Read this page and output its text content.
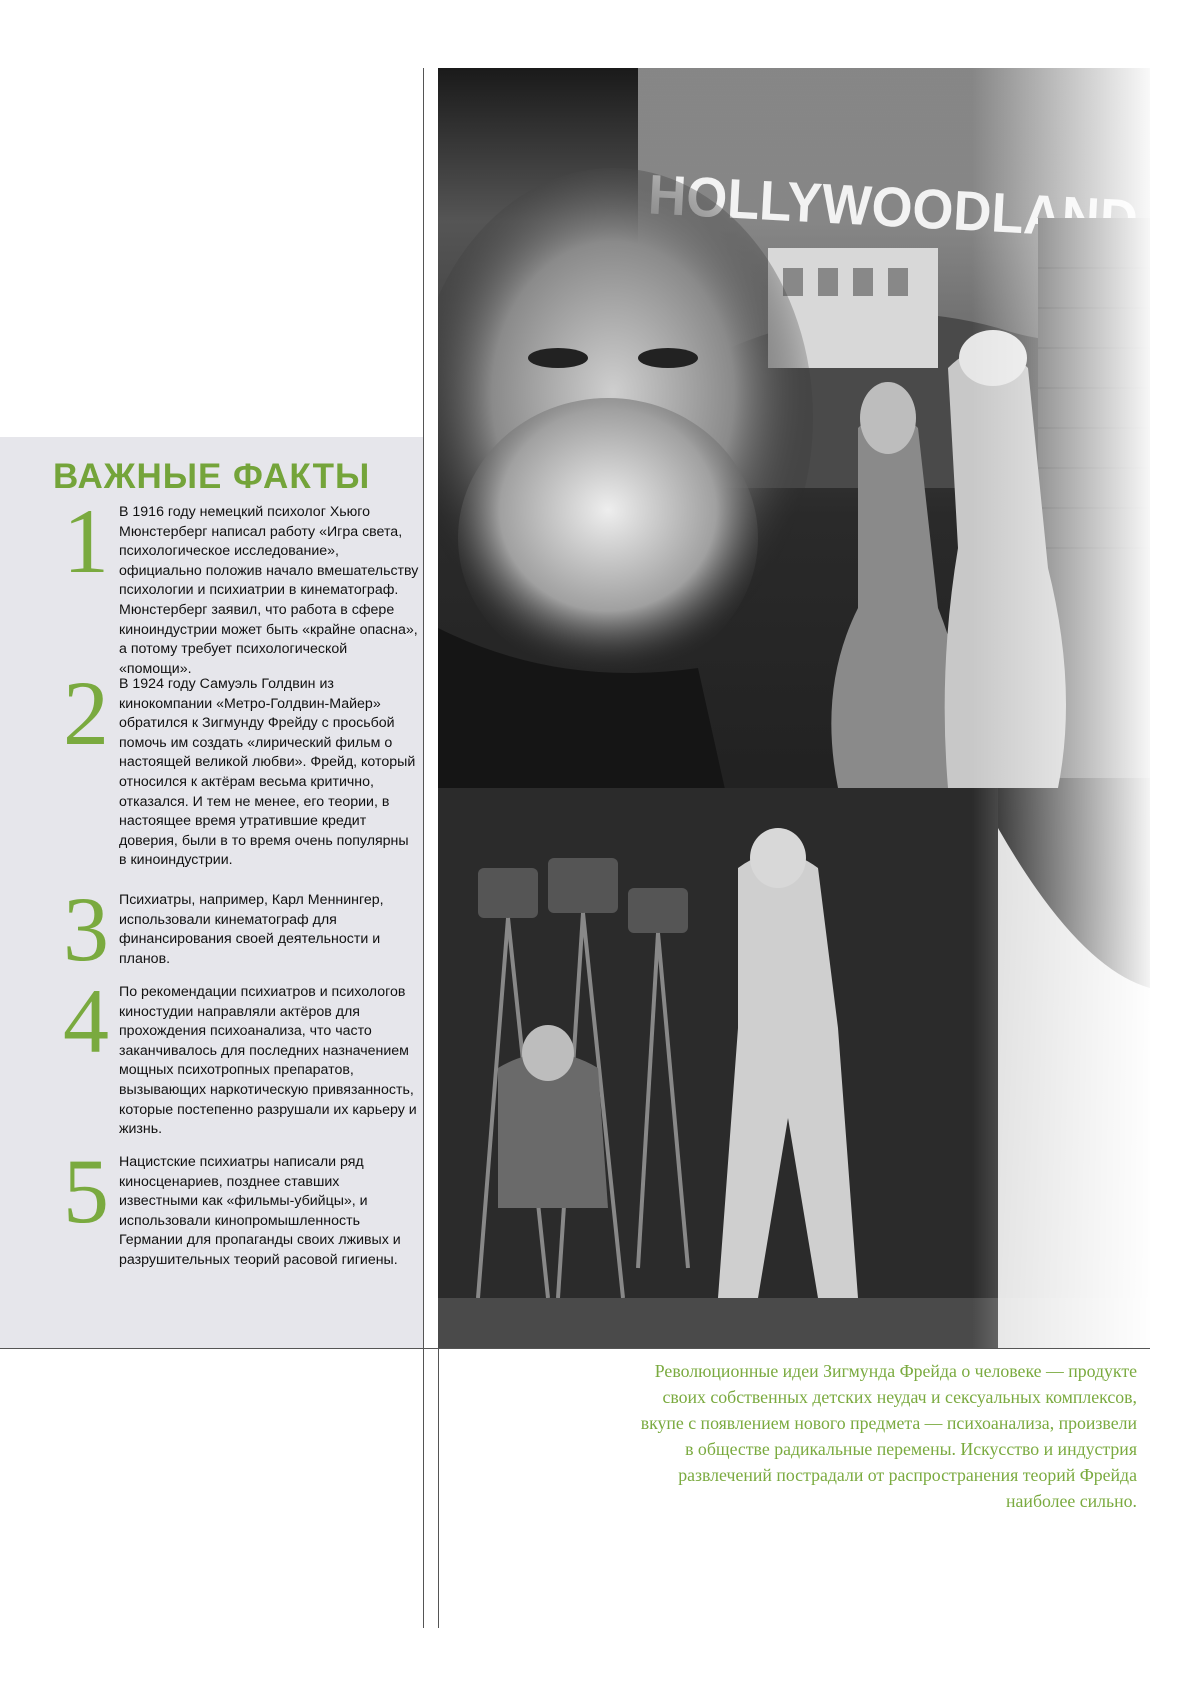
ВАЖНЫЕ ФАКТЫ
1 В 1916 году немецкий психолог Хьюго Мюнстерберг написал работу «Игра света, психологическое исследование», официально положив начало вмешательству психологии и психиатрии в кинематограф. Мюнстерберг заявил, что работа в сфере киноиндустрии может быть «крайне опасна», а потому требует психологической «помощи».

2 В 1924 году Самуэль Голдвин из кинокомпании «Метро-Голдвин-Майер» обратился к Зигмунду Фрейду с просьбой помочь им создать «лирический фильм о настоящей великой любви». Фрейд, который относился к актёрам весьма критично, отказался. И тем не менее, его теории, в настоящее время утратившие кредит доверия, были в то время очень популярны в киноиндустрии.

3 Психиатры, например, Карл Меннингер, использовали кинематограф для финансирования своей деятельности и планов.

4 По рекомендации психиатров и психологов киностудии направляли актёров для прохождения психоанализа, что часто заканчивалось для последних назначением мощных психотропных препаратов, вызывающих наркотическую привязанность, которые постепенно разрушали их карьеру и жизнь.

5 Нацистские психиатры написали ряд киносценариев, позднее ставших известными как «фильмы-убийцы», и использовали кинопромышленность Германии для пропаганды своих лживых и разрушительных теорий расовой гигиены.

Революционные идеи Зигмунда Фрейда о человеке — продукте своих собственных детских неудач и сексуальных комплексов, вкупе с появлением нового предмета — психоанализа, произвели в обществе радикальные перемены. Искусство и индустрия развлечений пострадали от распространения теорий Фрейда наиболее сильно.
